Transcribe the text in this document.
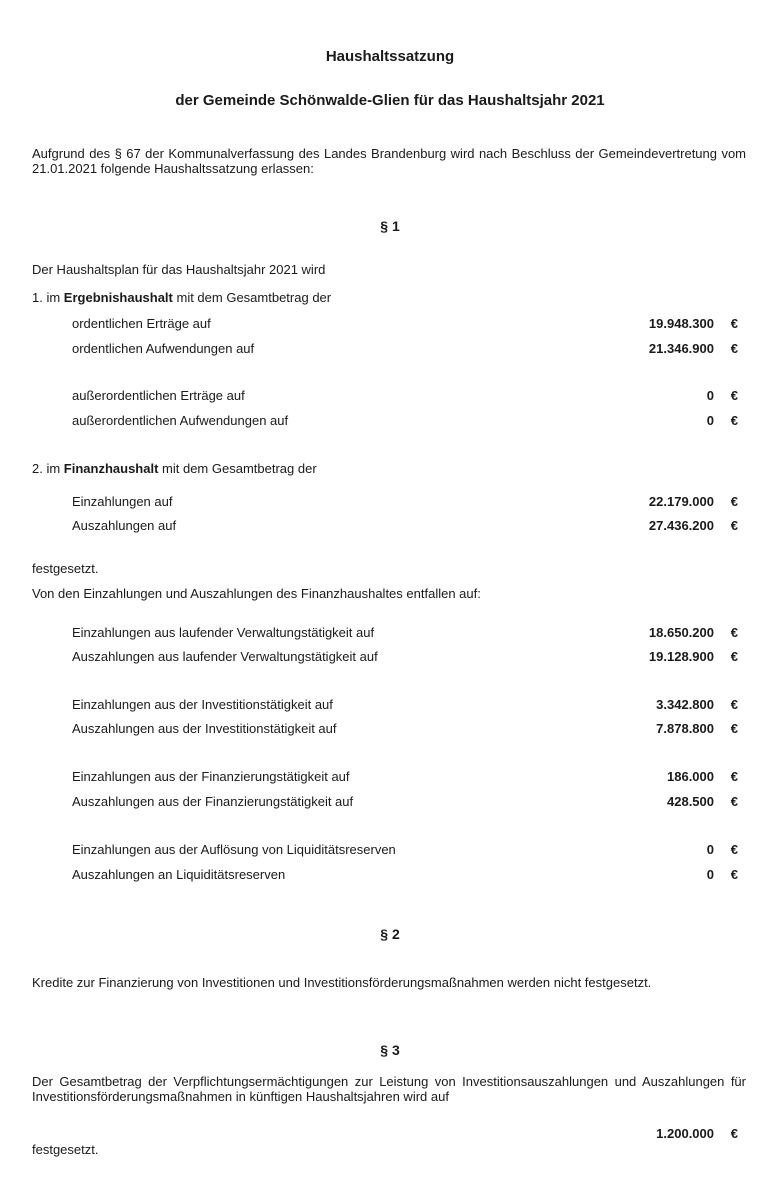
Haushaltssatzung
der Gemeinde Schönwalde-Glien für das Haushaltsjahr 2021
Aufgrund des § 67 der Kommunalverfassung des Landes Brandenburg wird nach Beschluss der Gemeindevertretung vom 21.01.2021 folgende Haushaltssatzung erlassen:
§ 1
Der Haushaltsplan für das Haushaltsjahr 2021 wird
1. im Ergebnishaushalt mit dem Gesamtbetrag der
ordentlichen Erträge auf	19.948.300 €
ordentlichen Aufwendungen auf	21.346.900 €
außerordentlichen Erträge auf	0 €
außerordentlichen Aufwendungen auf	0 €
2. im Finanzhaushalt mit dem Gesamtbetrag der
Einzahlungen auf	22.179.000 €
Auszahlungen auf	27.436.200 €
festgesetzt.
Von den Einzahlungen und Auszahlungen des Finanzhaushaltes entfallen auf:
Einzahlungen aus laufender Verwaltungstätigkeit auf	18.650.200 €
Auszahlungen aus laufender Verwaltungstätigkeit auf	19.128.900 €
Einzahlungen aus der Investitionstätigkeit auf	3.342.800 €
Auszahlungen aus der Investitionstätigkeit auf	7.878.800 €
Einzahlungen aus der Finanzierungstätigkeit auf	186.000 €
Auszahlungen aus der Finanzierungstätigkeit auf	428.500 €
Einzahlungen aus der Auflösung von Liquiditätsreserven	0 €
Auszahlungen an Liquiditätsreserven	0 €
§ 2
Kredite zur Finanzierung von Investitionen und Investitionsförderungsmaßnahmen werden nicht festgesetzt.
§ 3
Der Gesamtbetrag der Verpflichtungsermächtigungen zur Leistung von Investitionsauszahlungen und Auszahlungen für Investitionsförderungsmaßnahmen in künftigen Haushaltsjahren wird auf
1.200.000 €
festgesetzt.
